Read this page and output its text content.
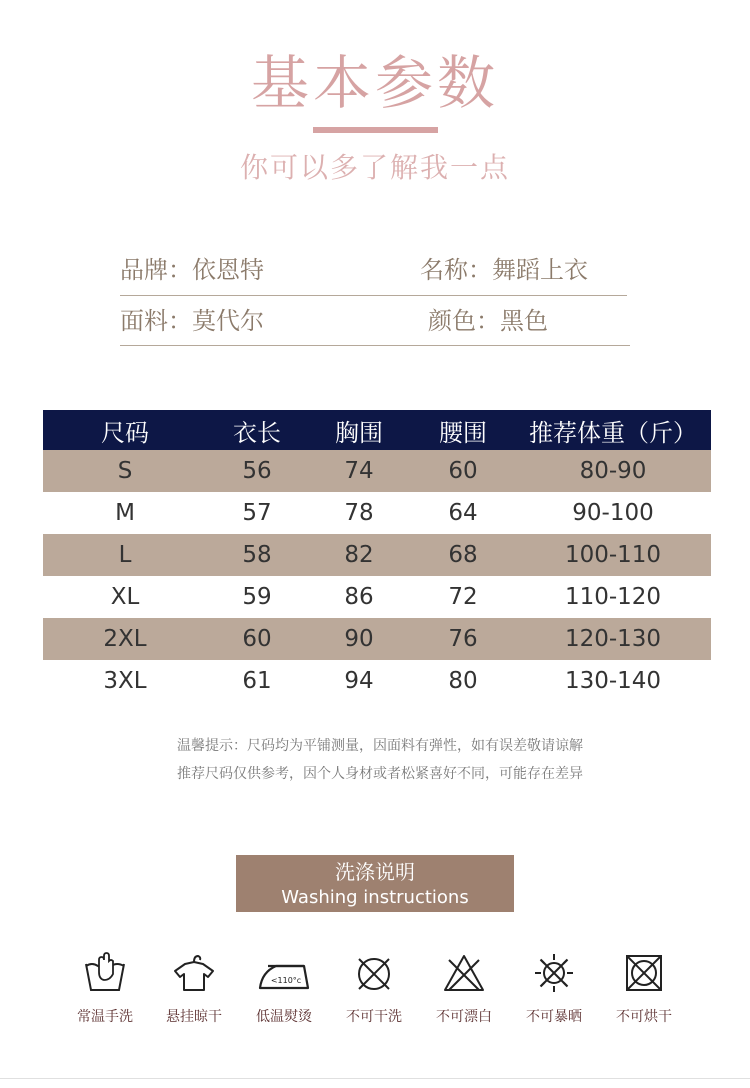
基本参数
你可以多了解我一点
品牌：依恩特	名称：舞蹈上衣
面料：莫代尔	颜色：黑色
尺码	衣长	胸围	腰围	推荐体重（斤）
S	56	74	60	80-90
M	57	78	64	90-100
L	58	82	68	100-110
XL	59	86	72	110-120
2XL	60	90	76	120-130
3XL	61	94	80	130-140
温馨提示：尺码均为平铺测量，因面料有弹性，如有误差敬请谅解
推荐尺码仅供参考，因个人身材或者松紧喜好不同，可能存在差异
洗涤说明
Washing instructions
常温手洗	悬挂晾干
<110°c
低温熨烫	不可干洗	不可漂白	不可暴晒	不可烘干
